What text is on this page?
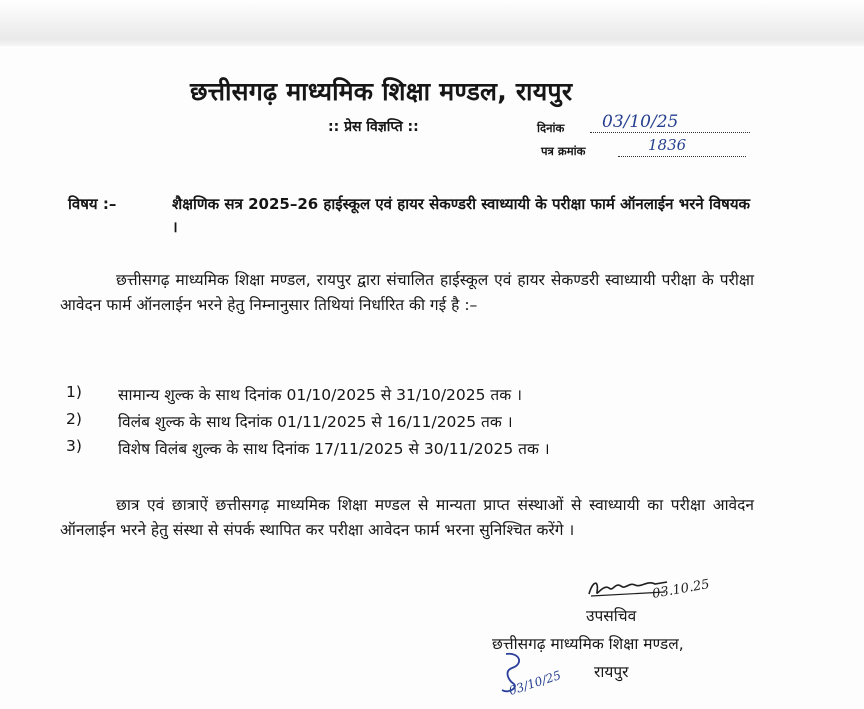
छत्तीसगढ़ माध्यमिक शिक्षा मण्डल, रायपुर
:: प्रेस विज्ञप्ति ::	दिनांक 03/10/25
पत्र क्रमांक	1836
विषय :–	शैक्षणिक सत्र 2025–26 हाईस्कूल एवं हायर सेकण्डरी स्वाध्यायी के परीक्षा फार्म ऑनलाईन भरने विषयक ।
छत्तीसगढ़ माध्यमिक शिक्षा मण्डल, रायपुर द्वारा संचालित हाईस्कूल एवं हायर सेकण्डरी स्वाध्यायी परीक्षा के परीक्षा आवेदन फार्म ऑनलाईन भरने हेतु निम्नानुसार तिथियां निर्धारित की गई है :–
1) सामान्य शुल्क के साथ दिनांक 01/10/2025 से 31/10/2025 तक ।
2) विलंब शुल्क के साथ दिनांक 01/11/2025 से 16/11/2025 तक ।
3) विशेष विलंब शुल्क के साथ दिनांक 17/11/2025 से 30/11/2025 तक ।
छात्र एवं छात्राऐं छत्तीसगढ़ माध्यमिक शिक्षा मण्डल से मान्यता प्राप्त संस्थाओं से स्वाध्यायी का परीक्षा आवेदन ऑनलाईन भरने हेतु संस्था से संपर्क स्थापित कर परीक्षा आवेदन फार्म भरना सुनिश्चित करेंगे ।
03.10.25
उपसचिव
छत्तीसगढ़ माध्यमिक शिक्षा मण्डल,
रायपुर
03/10/25
